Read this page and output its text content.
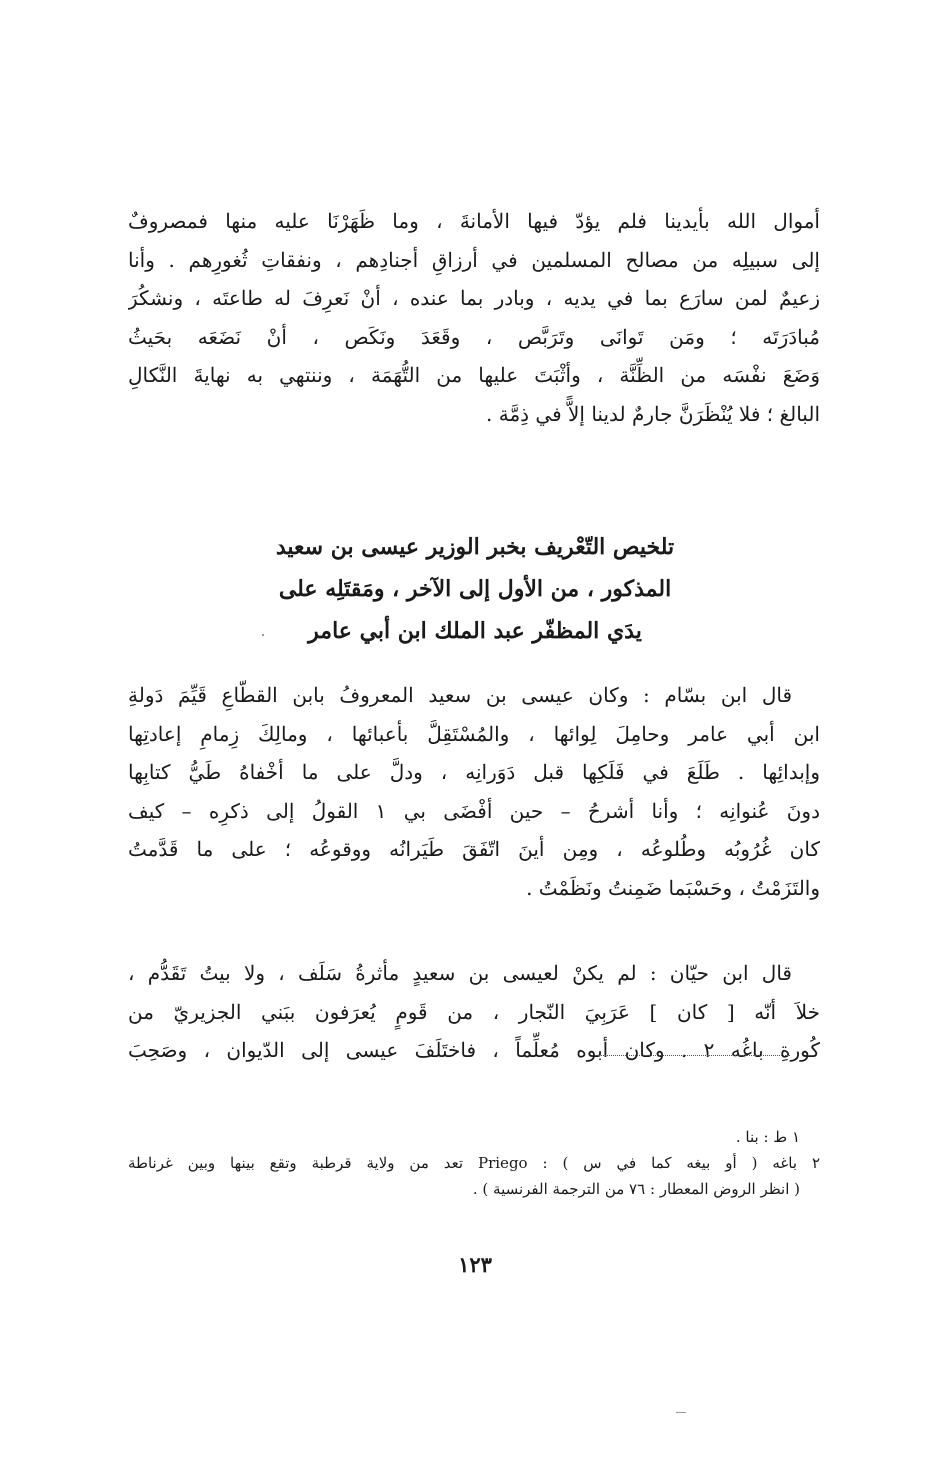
أموال الله بأيدينا فلم يؤدّ فيها الأمانةَ ، وما ظَهَرْنَا عليه منها فمصروفٌ
إلى سبيلِه من مصالح المسلمين في أرزاقِ أجنادِهم ، ونفقاتِ ثُغورِهم . وأنا
زعيمٌ لمن سارَع بما في يديه ، وبادر بما عنده ، أنْ نَعرِفَ له طاعتَه ، ونشكُرَ
مُبادَرَتَه ؛ ومَن تَوانَى وتَرَبَّص ، وقَعَدَ ونَكَص ، أنْ نَضَعَه بحَيثُ
وَضَعَ نفْسَه من الظِّنَّة ، وأثْبَتَ عليها من التُّهَمَة ، وننتهي به نهايةَ النَّكالِ
البالغ ؛ فلا يُنْظَرَنَّ جارمٌ لدينا إلاًّ في ذِمَّة .
تلخيص التّعْريف بخبر الوزير عيسى بن سعيد
المذكور ، من الأول إلى الآخر ، ومَقتَلِه على
يدَي المظفّر عبد الملك ابن أبي عامر
قال ابن بسّام : وكان عيسى بن سعيد المعروفُ بابن القطّاعِ قَيِّمَ دَولةِ
ابن أبي عامر وحامِلَ لِوائها ، والمُسْتَقِلَّ بأعبائها ، ومالِكَ زِمامِ إعادتِها
وإبدائِها . طَلَعَ في فَلَكِها قبل دَوَرانِه ، ودلَّ على ما أخْفاهُ طَيُّ كتابِها
دونَ عُنوانِه ؛ وأنا أشرحُ – حين أفْضَى بي ١ القولُ إلى ذكرِه – كيف
كان غُرُوبُه وطُلوعُه ، ومِن أينَ اتّفَقَ طَيَرانُه ووقوعُه ؛ على ما قَدَّمتُ
والتَزَمْتُ ، وحَسْبَما ضَمِنتُ ونَظَمْتُ .
قال ابن حيّان : لم يكنْ لعيسى بن سعيدٍ مأثرةُ سَلَف ، ولا بيتُ تَقَدُّم ،
خلاَ أنّه [ كان ] عَرَبِيَ النّجار ، من قَومٍ يُعرَفون ببَني الجزيريّ من
كُورةِ باغُه ٢ . وكان أبوه مُعلِّماً ، فاختَلَفَ عيسى إلى الدّيوان ، وصَحِبَ
١ ط : بنا .
٢ باغه ( أو بيغه كما في س ) : Priego تعد من ولاية قرطبة وتقع بينها وبين غرناطة
( انظر الروض المعطار : ٧٦ من الترجمة الفرنسية ) .
١٢٣
